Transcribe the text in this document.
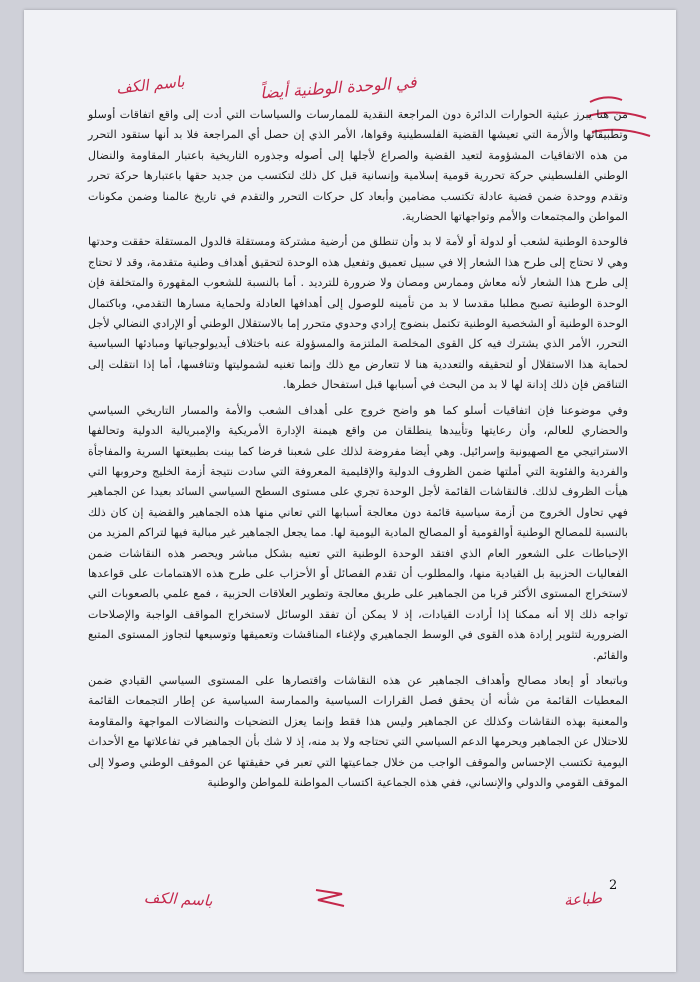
في الوحدة الوطنية أيضاً
باسم الكف

من هنا يبرز عبثية الحوارات الدائرة دون المراجعة النقدية للممارسات والسياسات التي أدت إلى واقع اتفاقات أوسلو وتطبيقاتها والأزمة التي تعيشها القضية الفلسطينية وقواها، الأمر الذي إن حصل أي المراجعة فلا بد أنها ستقود التحرر من هذه الاتفاقيات المشؤومة لتعيد القضية والصراع لأجلها إلى أصوله وجذوره التاريخية باعتبار المقاومة والنضال الوطني الفلسطيني حركة تحررية قومية إسلامية وإنسانية قبل كل ذلك لتكتسب من جديد حقها باعتبارها حركة تحرر وتقدم ووحدة ضمن قضية عادلة تكتسب مضامين وأبعاد كل حركات التحرر والتقدم في تاريخ عالمنا وضمن مكونات المواطن والمجتمعات والأمم وتواجهاتها الحضارية.

فالوحدة الوطنية لشعب أو لدولة أو لأمة لا بد وأن تنطلق من أرضية مشتركة ومستقلة فالدول المستقلة حققت وحدتها وهي لا تحتاج إلى طرح هذا الشعار إلا في سبيل تعميق وتفعيل هذه الوحدة لتحقيق أهداف وطنية متقدمة، وقد لا تحتاج إلى طرح هذا الشعار لأنه معاش وممارس ومصان ولا ضرورة للترديد . أما بالنسبة للشعوب المقهورة والمتخلفة فإن الوحدة الوطنية تصبح مطلبا مقدسا لا بد من تأمينه للوصول إلى أهدافها العادلة ولحماية مسارها التقدمي، وباكتمال الوحدة الوطنية أو الشخصية الوطنية تكتمل بنضوج إرادي وحدوي متحرر إما بالاستقلال الوطني أو الإرادي النضالي لأجل التحرر، الأمر الذي يشترك فيه كل القوى المخلصة الملتزمة والمسؤولة عنه باختلاف أيديولوجياتها ومبادئها السياسية لحماية هذا الاستقلال أو لتحقيقه والتعددية هنا لا تتعارض مع ذلك وإنما تغنيه لشموليتها وتنافسها، أما إذا انتقلت إلى التناقض فإن ذلك إدانة لها لا بد من البحث في أسبابها قبل استفحال خطرها.

وفي موضوعنا فإن اتفاقيات أسلو كما هو واضح خروج على أهداف الشعب والأمة والمسار التاريخي السياسي والحضاري للعالم، وأن رعايتها وتأييدها ينطلقان من واقع هيمنة الإدارة الأمريكية والإمبريالية الدولية وتحالفها الاستراتيجي مع الصهيونية وإسرائيل. وهي أيضا مفروضة لذلك على شعبنا فرضا كما بينت بطبيعتها السرية والمفاجأة والفردية والفئوية التي أملتها ضمن الظروف الدولية والإقليمية المعروفة التي سادت نتيجة أزمة الخليج وحروبها التي هيأت الظروف لذلك. فالنقاشات القائمة لأجل الوحدة تجري على مستوى السطح السياسي السائد بعيدا عن الجماهير فهي تحاول الخروج من أزمة سياسية قائمة دون معالجة أسبابها التي تعاني منها هذه الجماهير والقضية إن كان ذلك بالنسبة للمصالح الوطنية أوالقومية أو المصالح المادية اليومية لها. مما يجعل الجماهير غير مبالية فيها لتراكم المزيد من الإحباطات على الشعور العام الذي افتقد الوحدة الوطنية التي تعنيه بشكل مباشر ويحصر هذه النقاشات ضمن الفعاليات الحزبية بل القيادية منها، والمطلوب أن تقدم الفصائل أو الأحزاب على طرح هذه الاهتمامات على قواعدها لاستخراج المستوى الأكثر قربا من الجماهير على طريق معالجة وتطوير العلاقات الحزبية ، فمع علمي بالصعوبات التي تواجه ذلك إلا أنه ممكنا إذا أرادت القيادات، إذ لا يمكن أن تفقد الوسائل لاستخراج المواقف الواجبة والإصلاحات الضرورية لتثوير إرادة هذه القوى في الوسط الجماهيري ولإغناء المناقشات وتعميقها وتوسيعها لتجاوز المستوى المتبع والقائم.

وباتبعاد أو إبعاد مصالح وأهداف الجماهير عن هذه النقاشات واقتصارها على المستوى السياسي القيادي ضمن المعطيات القائمة من شأنه أن يحقق فصل القرارات السياسية والممارسة السياسية عن إطار التجمعات القائمة والمعنية بهذه النقاشات وكذلك عن الجماهير وليس هذا فقط وإنما يعزل التضحيات والنضالات المواجهة والمقاومة للاحتلال عن الجماهير ويحرمها الدعم السياسي التي تحتاجه ولا بد منه، إذ لا شك بأن الجماهير في تفاعلاتها مع الأحداث اليومية تكتسب الإحساس والموقف الواجب من خلال جماعيتها التي تعبر في حقيقتها عن الموقف الوطني وصولا إلى الموقف القومي والدولي والإنساني، ففي هذه الجماعية اكتساب المواطنة للمواطن والوطنية

باسم الكف	طباعة
2
